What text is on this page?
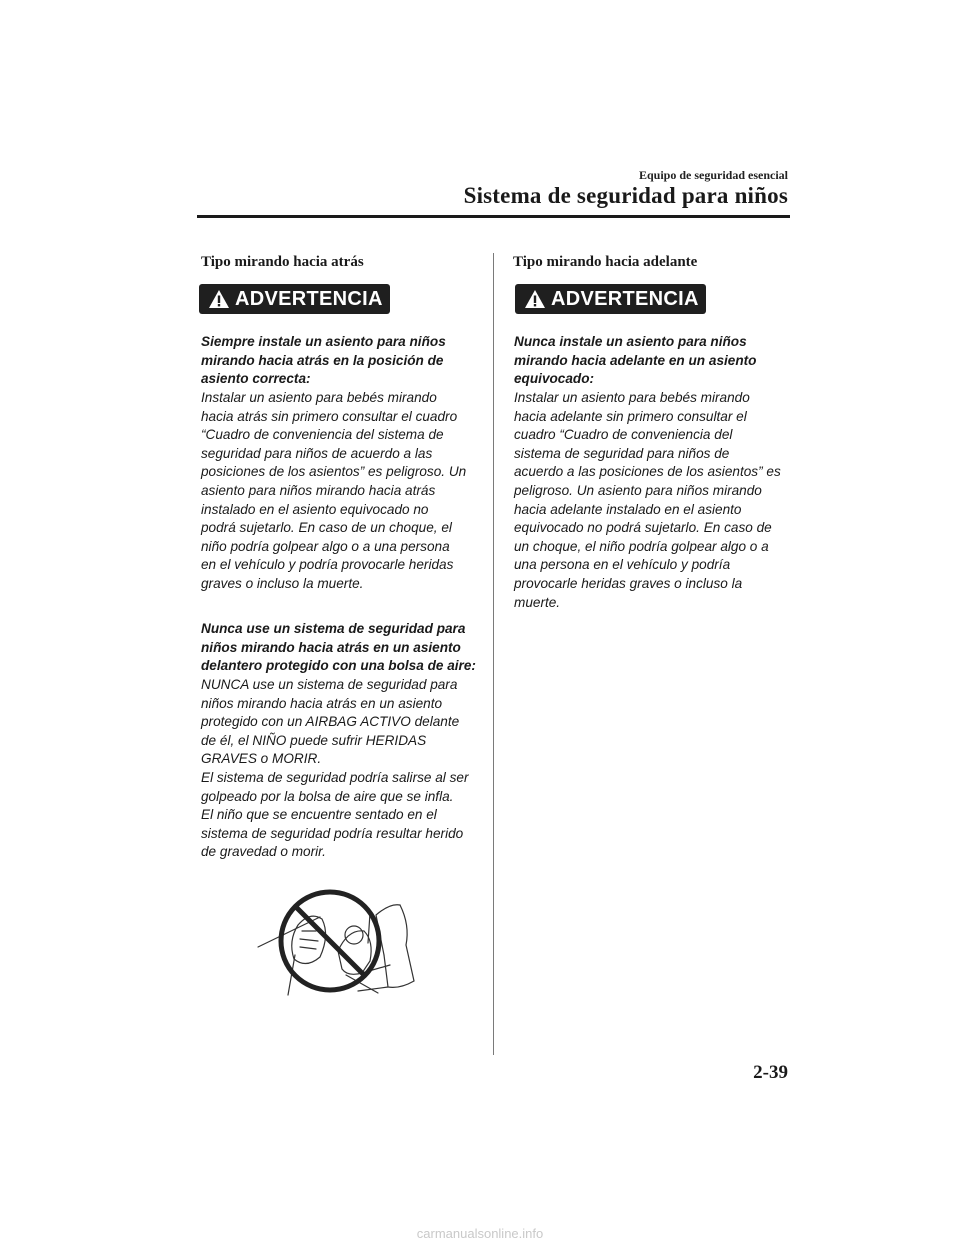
Equipo de seguridad esencial
Sistema de seguridad para niños
Tipo mirando hacia atrás
ADVERTENCIA
Siempre instale un asiento para niños
mirando hacia atrás en la posición de
asiento correcta:
Instalar un asiento para bebés mirando
hacia atrás sin primero consultar el cuadro
“Cuadro de conveniencia del sistema de
seguridad para niños de acuerdo a las
posiciones de los asientos” es peligroso. Un
asiento para niños mirando hacia atrás
instalado en el asiento equivocado no
podrá sujetarlo. En caso de un choque, el
niño podría golpear algo o a una persona
en el vehículo y podría provocarle heridas
graves o incluso la muerte.
Nunca use un sistema de seguridad para
niños mirando hacia atrás en un asiento
delantero protegido con una bolsa de aire:
NUNCA use un sistema de seguridad para
niños mirando hacia atrás en un asiento
protegido con un AIRBAG ACTIVO delante
de él, el NIÑO puede sufrir HERIDAS
GRAVES o MORIR.
El sistema de seguridad podría salirse al ser
golpeado por la bolsa de aire que se infla.
El niño que se encuentre sentado en el
sistema de seguridad podría resultar herido
de gravedad o morir.
Tipo mirando hacia adelante
ADVERTENCIA
Nunca instale un asiento para niños
mirando hacia adelante en un asiento
equivocado:
Instalar un asiento para bebés mirando
hacia adelante sin primero consultar el
cuadro “Cuadro de conveniencia del
sistema de seguridad para niños de
acuerdo a las posiciones de los asientos” es
peligroso. Un asiento para niños mirando
hacia adelante instalado en el asiento
equivocado no podrá sujetarlo. En caso de
un choque, el niño podría golpear algo o a
una persona en el vehículo y podría
provocarle heridas graves o incluso la
muerte.
2-39
carmanualsonline.info
